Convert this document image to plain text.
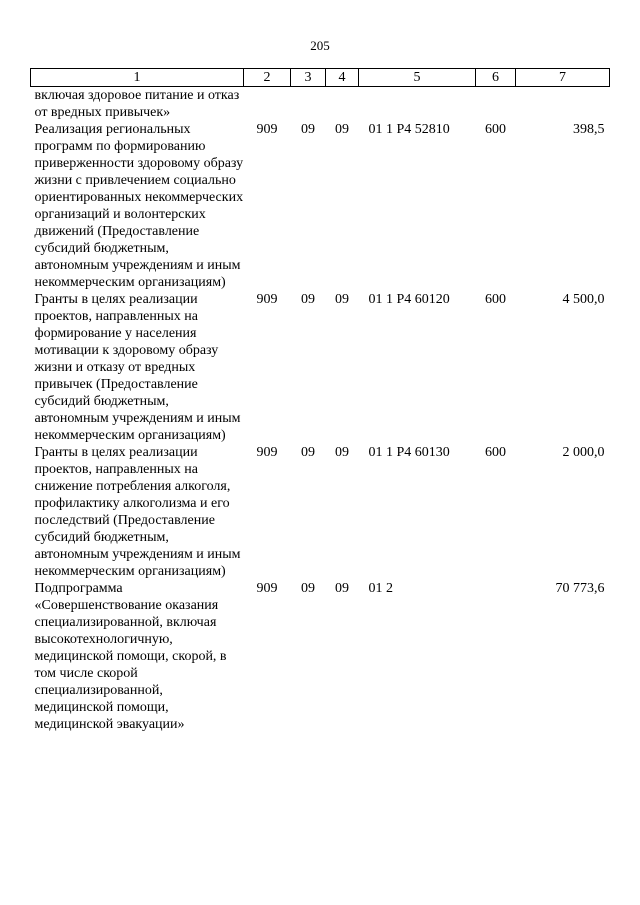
205
1	2	3	4	5	6	7
включая здоровое питание и отказ от вредных привычек»						
Реализация региональных программ по формированию приверженности здоровому образу жизни с привлечением социально ориентированных некоммерческих организаций и волонтерских движений (Предоставление субсидий бюджетным, автономным учреждениям и иным некоммерческим организациям)	909	09	09	01 1 Р4 52810	600	398,5
Гранты в целях реализации проектов, направленных на формирование у населения мотивации к здоровому образу жизни и отказу от вредных привычек (Предоставление субсидий бюджетным, автономным учреждениям и иным некоммерческим организациям)	909	09	09	01 1 Р4 60120	600	4 500,0
Гранты в целях реализации проектов, направленных на снижение потребления алкоголя, профилактику алкоголизма и его последствий (Предоставление субсидий бюджетным, автономным учреждениям и иным некоммерческим организациям)	909	09	09	01 1 Р4 60130	600	2 000,0
Подпрограмма «Совершенствование оказания специализированной, включая высокотехнологичную, медицинской помощи, скорой, в том числе скорой специализированной, медицинской помощи, медицинской эвакуации»	909	09	09	01 2		70 773,6
